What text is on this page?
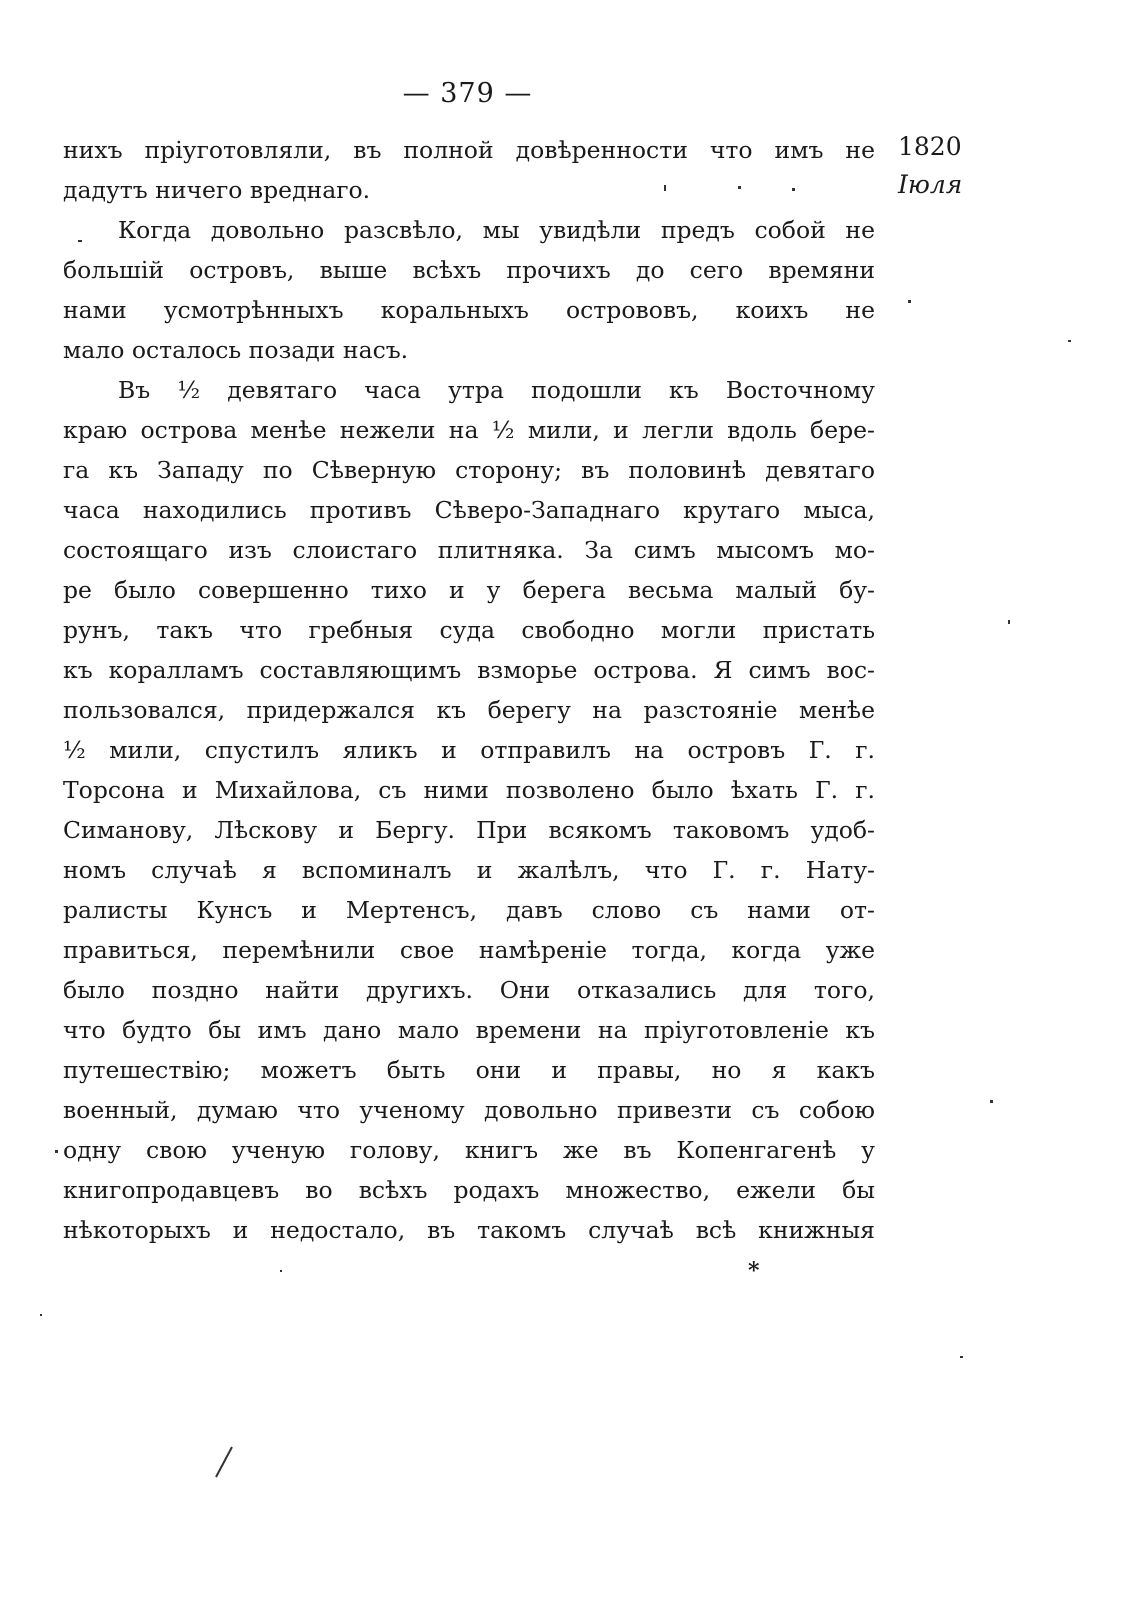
— 379 —
1820
Iюля
нихъ пріуготовляли, въ полной довѣренности что имъ не
дадутъ ничего вреднаго.
Когда довольно разсвѣло, мы увидѣли предъ собой не
большій островъ, выше всѣхъ прочихъ до сего времяни
нами усмотрѣнныхъ коральныхъ острововъ, коихъ не
мало осталось позади насъ.
Въ ½ девятаго часа утра подошли къ Восточному
краю острова менѣе нежели на ½ мили, и легли вдоль бере-
га къ Западу по Сѣверную сторону; въ половинѣ девятаго
часа находились противъ Сѣверо-Западнаго крутаго мыса,
состоящаго изъ слоистаго плитняка. За симъ мысомъ мо-
ре было совершенно тихо и у берега весьма малый бу-
рунъ, такъ что гребныя суда свободно могли пристать
къ коралламъ составляющимъ взморье острова. Я симъ вос-
пользовался, придержался къ берегу на разстояніе менѣе
½ мили, спустилъ яликъ и отправилъ на островъ Г. г.
Торсона и Михайлова, съ ними позволено было ѣхать Г. г.
Симанову, Лѣскову и Бергу. При всякомъ таковомъ удоб-
номъ случаѣ я вспоминалъ и жалѣлъ, что Г. г. Нату-
ралисты Кунсъ и Мертенсъ, давъ слово съ нами от-
правиться, перемѣнили свое намѣреніе тогда, когда уже
было поздно найти другихъ. Они отказались для того,
что будто бы имъ дано мало времени на пріуготовленіе къ
путешествію; можетъ быть они и правы, но я какъ
военный, думаю что ученому довольно привезти съ собою
одну свою ученую голову, книгъ же въ Копенгагенѣ у
книгопродавцевъ во всѣхъ родахъ множество, ежели бы
нѣкоторыхъ и недостало, въ такомъ случаѣ всѣ книжныя
*
